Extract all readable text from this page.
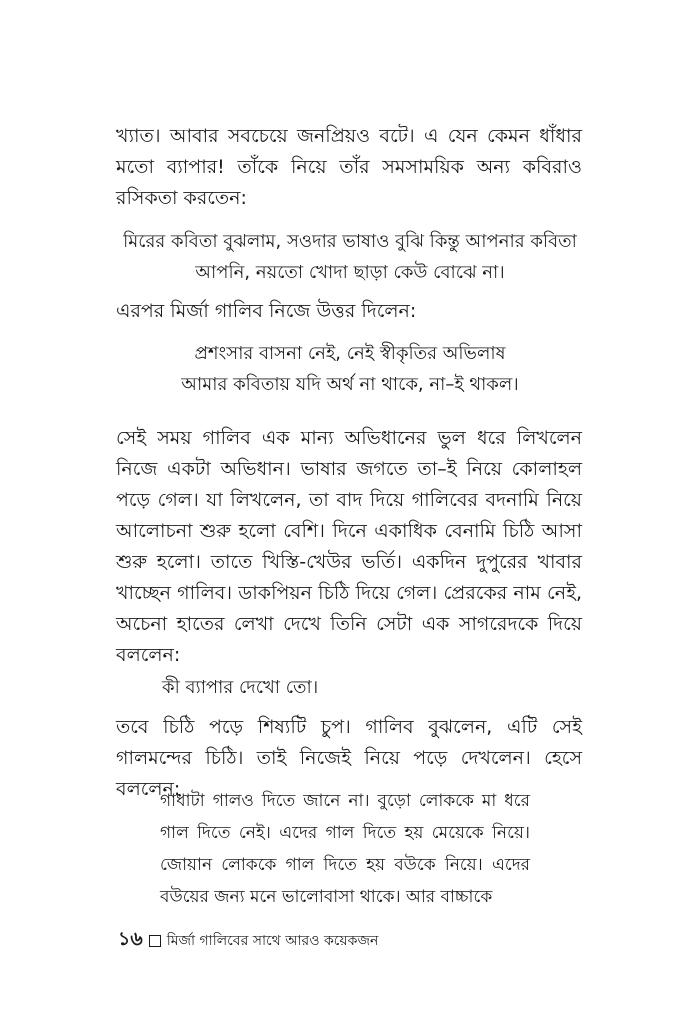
খ্যাত। আবার সবচেয়ে জনপ্রিয়ও বটে। এ যেন কেমন ধাঁধার মতো ব্যাপার! তাঁকে নিয়ে তাঁর সমসাময়িক অন্য কবিরাও রসিকতা করতেন:

মিরের কবিতা বুঝলাম, সওদার ভাষাও বুঝি কিন্তু আপনার কবিতা
আপনি, নয়তো খোদা ছাড়া কেউ বোঝে না।

এরপর মির্জা গালিব নিজে উত্তর দিলেন:

প্রশংসার বাসনা নেই, নেই স্বীকৃতির অভিলাষ
আমার কবিতায় যদি অর্থ না থাকে, না–ই থাকল।

সেই সময় গালিব এক মান্য অভিধানের ভুল ধরে লিখলেন নিজে একটা অভিধান। ভাষার জগতে তা–ই নিয়ে কোলাহল পড়ে গেল। যা লিখলেন, তা বাদ দিয়ে গালিবের বদনামি নিয়ে আলোচনা শুরু হলো বেশি। দিনে একাধিক বেনামি চিঠি আসা শুরু হলো। তাতে খিস্তি-খেউর ভর্তি। একদিন দুপুরের খাবার খাচ্ছেন গালিব। ডাকপিয়ন চিঠি দিয়ে গেল। প্রেরকের নাম নেই, অচেনা হাতের লেখা দেখে তিনি সেটা এক সাগরেদকে দিয়ে বললেন:

কী ব্যাপার দেখো তো।

তবে চিঠি পড়ে শিষ্যটি চুপ। গালিব বুঝলেন, এটি সেই গালমন্দের চিঠি। তাই নিজেই নিয়ে পড়ে দেখলেন। হেসে বললেন:

গাধাটা গালও দিতে জানে না। বুড়ো লোককে মা ধরে গাল দিতে নেই। এদের গাল দিতে হয় মেয়েকে নিয়ে। জোয়ান লোককে গাল দিতে হয় বউকে নিয়ে। এদের বউয়ের জন্য মনে ভালোবাসা থাকে। আর বাচ্চাকে

১৬ মির্জা গালিবের সাথে আরও কয়েকজন
